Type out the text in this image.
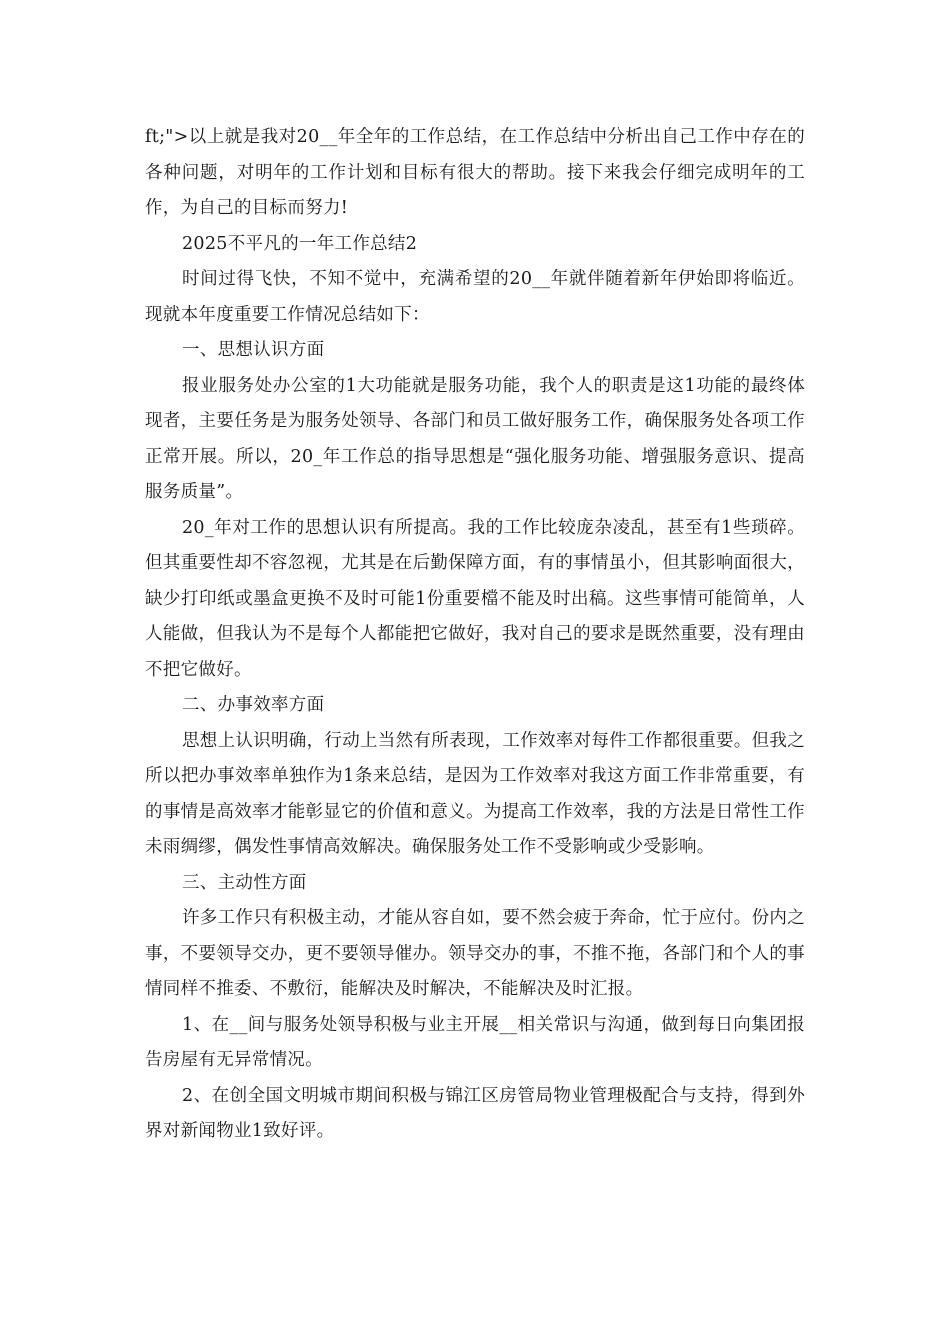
ft;">以上就是我对20__年全年的工作总结，在工作总结中分析出自己工作中存在的各种问题，对明年的工作计划和目标有很大的帮助。接下来我会仔细完成明年的工作，为自己的目标而努力!

2025不平凡的一年工作总结2

时间过得飞快，不知不觉中，充满希望的20__年就伴随着新年伊始即将临近。现就本年度重要工作情况总结如下：

一、思想认识方面

报业服务处办公室的1大功能就是服务功能，我个人的职责是这1功能的最终体现者，主要任务是为服务处领导、各部门和员工做好服务工作，确保服务处各项工作正常开展。所以，20_年工作总的指导思想是“强化服务功能、增强服务意识、提高服务质量”。

20_年对工作的思想认识有所提高。我的工作比较庞杂凌乱，甚至有1些琐碎。但其重要性却不容忽视，尤其是在后勤保障方面，有的事情虽小，但其影响面很大，缺少打印纸或墨盒更换不及时可能1份重要檔不能及时出稿。这些事情可能简单，人人能做，但我认为不是每个人都能把它做好，我对自己的要求是既然重要，没有理由不把它做好。

二、办事效率方面

思想上认识明确，行动上当然有所表现，工作效率对每件工作都很重要。但我之所以把办事效率单独作为1条来总结，是因为工作效率对我这方面工作非常重要，有的事情是高效率才能彰显它的价值和意义。为提高工作效率，我的方法是日常性工作未雨绸缪，偶发性事情高效解决。确保服务处工作不受影响或少受影响。

三、主动性方面

许多工作只有积极主动，才能从容自如，要不然会疲于奔命，忙于应付。份内之事，不要领导交办，更不要领导催办。领导交办的事，不推不拖，各部门和个人的事情同样不推委、不敷衍，能解决及时解决，不能解决及时汇报。

1、在__间与服务处领导积极与业主开展__相关常识与沟通，做到每日向集团报告房屋有无异常情况。

2、在创全国文明城市期间积极与锦江区房管局物业管理极配合与支持，得到外界对新闻物业1致好评。
